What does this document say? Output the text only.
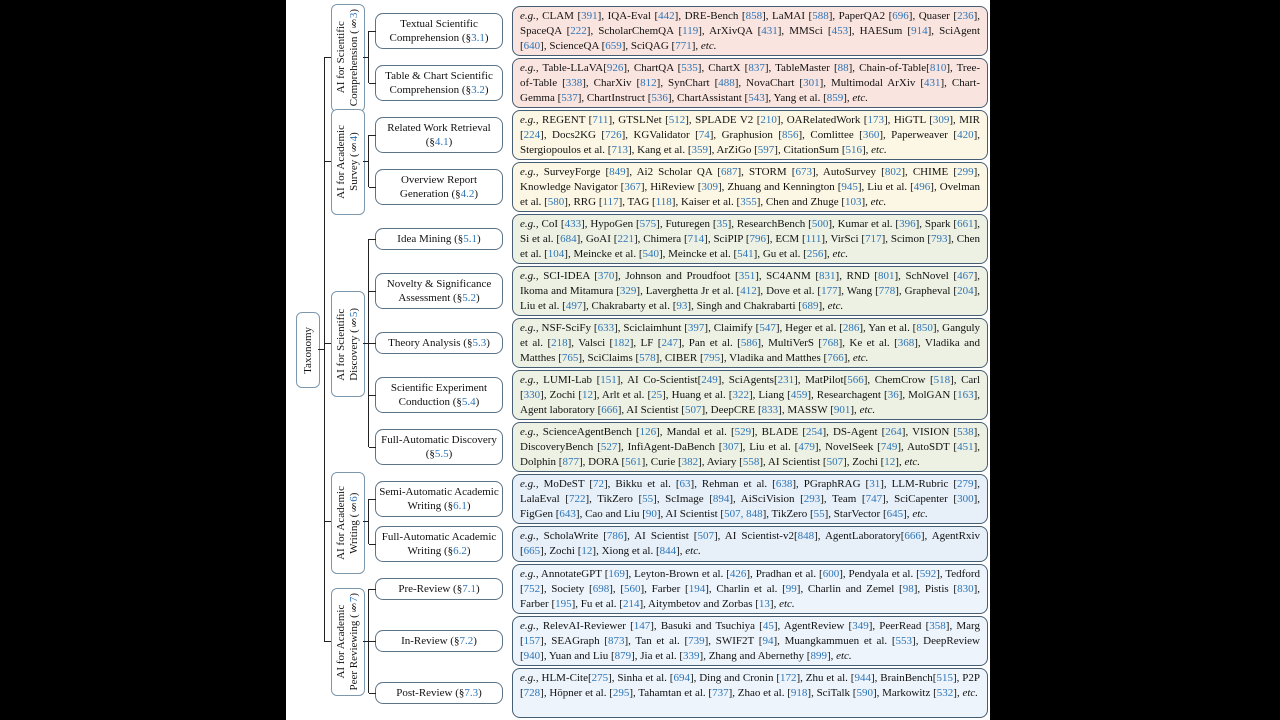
Taxonomy
AI for Scientific
Comprehension (§3)
AI for Academic
Survey (§4)
AI for Scientific
Discovery (§5)
AI for Academic
Writing (§6)
AI for Academic
Peer Reviewing (§7)
Textual Scientific Comprehension (§3.1)
e.g., CLAM [391], IQA-Eval [442], DRE-Bench [858], LaMAI [588], PaperQA2 [696], Quaser [236], SpaceQA [222], ScholarChemQA [119], ArXivQA [431], MMSci [453], HAESum [914], SciAgent [640], ScienceQA [659], SciQAG [771], etc.
Table & Chart Scientific Comprehension (§3.2)
e.g., Table-LLaVA[926], ChartQA [535], ChartX [837], TableMaster [88], Chain-of-Table[810], Tree-of-Table [338], CharXiv [812], SynChart [488], NovaChart [301], Multimodal ArXiv [431], Chart-Gemma [537], ChartInstruct [536], ChartAssistant [543], Yang et al. [859], etc.
Related Work Retrieval (§4.1)
e.g., REGENT [711], GTSLNet [512], SPLADE V2 [210], OARelatedWork [173], HiGTL [309], MIR [224], Docs2KG [726], KGValidator [74], Graphusion [856], Comlittee [360], Paperweaver [420], Stergiopoulos et al. [713], Kang et al. [359], ArZiGo [597], CitationSum [516], etc.
Overview Report Generation (§4.2)
e.g., SurveyForge [849], Ai2 Scholar QA [687], STORM [673], AutoSurvey [802], CHIME [299], Knowledge Navigator [367], HiReview [309], Zhuang and Kennington [945], Liu et al. [496], Ovelman et al. [580], RRG [117], TAG [118], Kaiser et al. [355], Chen and Zhuge [103], etc.
Idea Mining (§5.1)
e.g., CoI [433], HypoGen [575], Futuregen [35], ResearchBench [500], Kumar et al. [396], Spark [661], Si et al. [684], GoAI [221], Chimera [714], SciPIP [796], ECM [111], VirSci [717], Scimon [793], Chen et al. [104], Meincke et al. [540], Meincke et al. [541], Gu et al. [256], etc.
Novelty & Significance Assessment (§5.2)
e.g., SCI-IDEA [370], Johnson and Proudfoot [351], SC4ANM [831], RND [801], SchNovel [467], Ikoma and Mitamura [329], Laverghetta Jr et al. [412], Dove et al. [177], Wang [778], Grapheval [204], Liu et al. [497], Chakrabarty et al. [93], Singh and Chakrabarti [689], etc.
Theory Analysis (§5.3)
e.g., NSF-SciFy [633], Sciclaimhunt [397], Claimify [547], Heger et al. [286], Yan et al. [850], Ganguly et al. [218], Valsci [182], LF [247], Pan et al. [586], MultiVerS [768], Ke et al. [368], Vladika and Matthes [765], SciClaims [578], CIBER [795], Vladika and Matthes [766], etc.
Scientific Experiment Conduction (§5.4)
e.g., LUMI-Lab [151], AI Co-Scientist[249], SciAgents[231], MatPilot[566], ChemCrow [518], Carl [330], Zochi [12], Arlt et al. [25], Huang et al. [322], Liang [459], Researchagent [36], MolGAN [163], Agent laboratory [666], AI Scientist [507], DeepCRE [833], MASSW [901], etc.
Full-Automatic Discovery (§5.5)
e.g., ScienceAgentBench [126], Mandal et al. [529], BLADE [254], DS-Agent [264], VISION [538], DiscoveryBench [527], InfiAgent-DaBench [307], Liu et al. [479], NovelSeek [749], AutoSDT [451], Dolphin [877], DORA [561], Curie [382], Aviary [558], AI Scientist [507], Zochi [12], etc.
Semi-Automatic Academic Writing (§6.1)
e.g., MoDeST [72], Bikku et al. [63], Rehman et al. [638], PGraphRAG [31], LLM-Rubric [279], LalaEval [722], TikZero [55], ScImage [894], AiSciVision [293], Team [747], SciCapenter [300], FigGen [643], Cao and Liu [90], AI Scientist [507, 848], TikZero [55], StarVector [645], etc.
Full-Automatic Academic Writing (§6.2)
e.g., ScholaWrite [786], AI Scientist [507], AI Scientist-v2[848], AgentLaboratory[666], AgentRxiv [665], Zochi [12], Xiong et al. [844], etc.
Pre-Review (§7.1)
e.g., AnnotateGPT [169], Leyton-Brown et al. [426], Pradhan et al. [600], Pendyala et al. [592], Tedford [752], Society [698], [560], Farber [194], Charlin et al. [99], Charlin and Zemel [98], Pistis [830], Farber [195], Fu et al. [214], Aitymbetov and Zorbas [13], etc.
In-Review (§7.2)
e.g., RelevAI-Reviewer [147], Basuki and Tsuchiya [45], AgentReview [349], PeerRead [358], Marg [157], SEAGraph [873], Tan et al. [739], SWIF2T [94], Muangkammuen et al. [553], DeepReview [940], Yuan and Liu [879], Jia et al. [339], Zhang and Abernethy [899], etc.
Post-Review (§7.3)
e.g., HLM-Cite[275], Sinha et al. [694], Ding and Cronin [172], Zhu et al. [944], BrainBench[515], P2P [728], Höpner et al. [295], Tahamtan et al. [737], Zhao et al. [918], SciTalk [590], Markowitz [532], etc.
